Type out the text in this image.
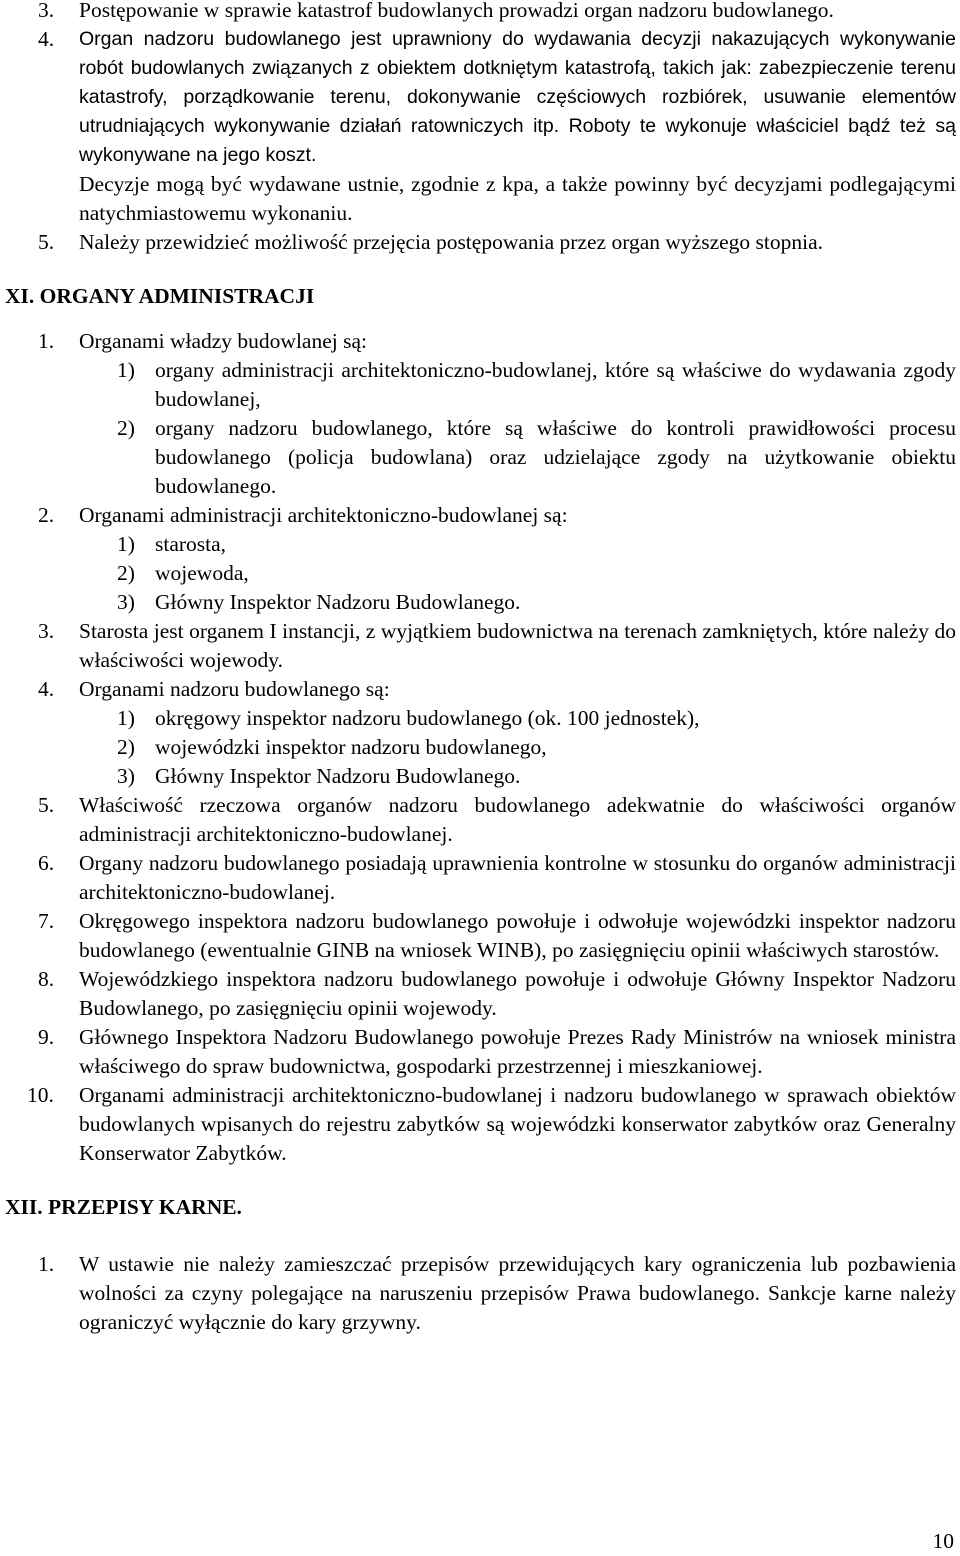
3.	Postępowanie w sprawie katastrof budowlanych prowadzi organ nadzoru budowlanego.
4.	Organ nadzoru budowlanego jest uprawniony do wydawania decyzji nakazujących wykonywanie robót budowlanych związanych z obiektem dotkniętym katastrofą, takich jak: zabezpieczenie terenu katastrofy, porządkowanie terenu, dokonywanie częściowych rozbiórek, usuwanie elementów utrudniających wykonywanie działań ratowniczych itp. Roboty te wykonuje właściciel bądź też są wykonywane na jego koszt.
Decyzje mogą być wydawane ustnie, zgodnie z kpa, a także powinny być decyzjami podlegającymi natychmiastowemu wykonaniu.
5.	Należy przewidzieć możliwość przejęcia postępowania przez organ wyższego stopnia.
XI. ORGANY ADMINISTRACJI
1.	Organami władzy budowlanej są:
1) organy administracji architektoniczno-budowlanej, które są właściwe do wydawania zgody budowlanej,
2) organy nadzoru budowlanego, które są właściwe do kontroli prawidłowości procesu budowlanego (policja budowlana) oraz udzielające zgody na użytkowanie obiektu budowlanego.
2.	Organami administracji architektoniczno-budowlanej są:
1) starosta,
2) wojewoda,
3) Główny Inspektor Nadzoru Budowlanego.
3.	Starosta jest organem I instancji, z wyjątkiem budownictwa na terenach zamkniętych, które należy do właściwości wojewody.
4.	Organami nadzoru budowlanego są:
1) okręgowy inspektor nadzoru budowlanego (ok. 100 jednostek),
2) wojewódzki inspektor nadzoru budowlanego,
3) Główny Inspektor Nadzoru Budowlanego.
5.	Właściwość rzeczowa organów nadzoru budowlanego adekwatnie do właściwości organów administracji architektoniczno-budowlanej.
6.	Organy nadzoru budowlanego posiadają uprawnienia kontrolne w stosunku do organów administracji architektoniczno-budowlanej.
7.	Okręgowego inspektora nadzoru budowlanego powołuje i odwołuje wojewódzki inspektor nadzoru budowlanego (ewentualnie GINB na wniosek WINB), po zasięgnięciu opinii właściwych starostów.
8.	Wojewódzkiego inspektora nadzoru budowlanego powołuje i odwołuje Główny Inspektor Nadzoru Budowlanego, po zasięgnięciu opinii wojewody.
9.	Głównego Inspektora Nadzoru Budowlanego powołuje Prezes Rady Ministrów na wniosek ministra właściwego do spraw budownictwa, gospodarki przestrzennej i mieszkaniowej.
10.	Organami administracji architektoniczno-budowlanej i nadzoru budowlanego w sprawach obiektów budowlanych wpisanych do rejestru zabytków są wojewódzki konserwator zabytków oraz Generalny Konserwator Zabytków.
XII. PRZEPISY KARNE.
1.	W ustawie nie należy zamieszczać przepisów przewidujących kary ograniczenia lub pozbawienia wolności za czyny polegające na naruszeniu przepisów Prawa budowlanego. Sankcje karne należy ograniczyć wyłącznie do kary grzywny.
10
